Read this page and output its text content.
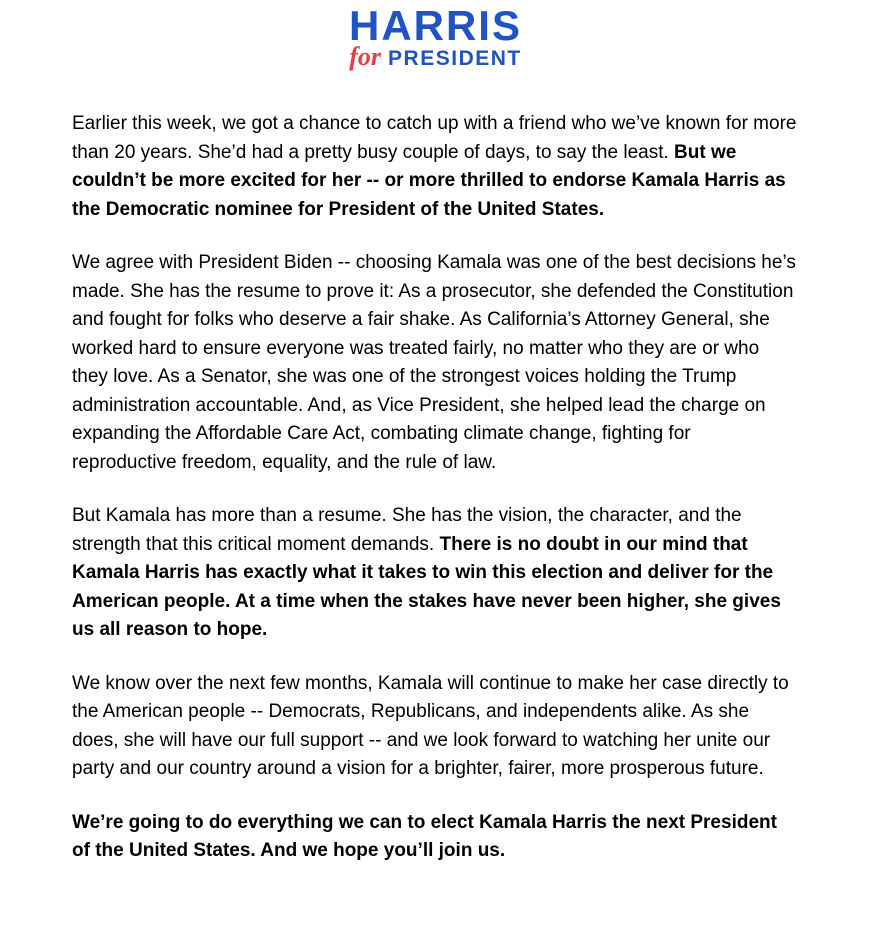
HARRIS
for PRESIDENT

Earlier this week, we got a chance to catch up with a friend who we’ve known for more than 20 years. She’d had a pretty busy couple of days, to say the least. But we couldn’t be more excited for her -- or more thrilled to endorse Kamala Harris as the Democratic nominee for President of the United States.

We agree with President Biden -- choosing Kamala was one of the best decisions he’s made. She has the resume to prove it: As a prosecutor, she defended the Constitution and fought for folks who deserve a fair shake. As California’s Attorney General, she worked hard to ensure everyone was treated fairly, no matter who they are or who they love. As a Senator, she was one of the strongest voices holding the Trump administration accountable. And, as Vice President, she helped lead the charge on expanding the Affordable Care Act, combating climate change, fighting for reproductive freedom, equality, and the rule of law.

But Kamala has more than a resume. She has the vision, the character, and the strength that this critical moment demands. There is no doubt in our mind that Kamala Harris has exactly what it takes to win this election and deliver for the American people. At a time when the stakes have never been higher, she gives us all reason to hope.

We know over the next few months, Kamala will continue to make her case directly to the American people -- Democrats, Republicans, and independents alike. As she does, she will have our full support -- and we look forward to watching her unite our party and our country around a vision for a brighter, fairer, more prosperous future.

We’re going to do everything we can to elect Kamala Harris the next President of the United States. And we hope you’ll join us.
